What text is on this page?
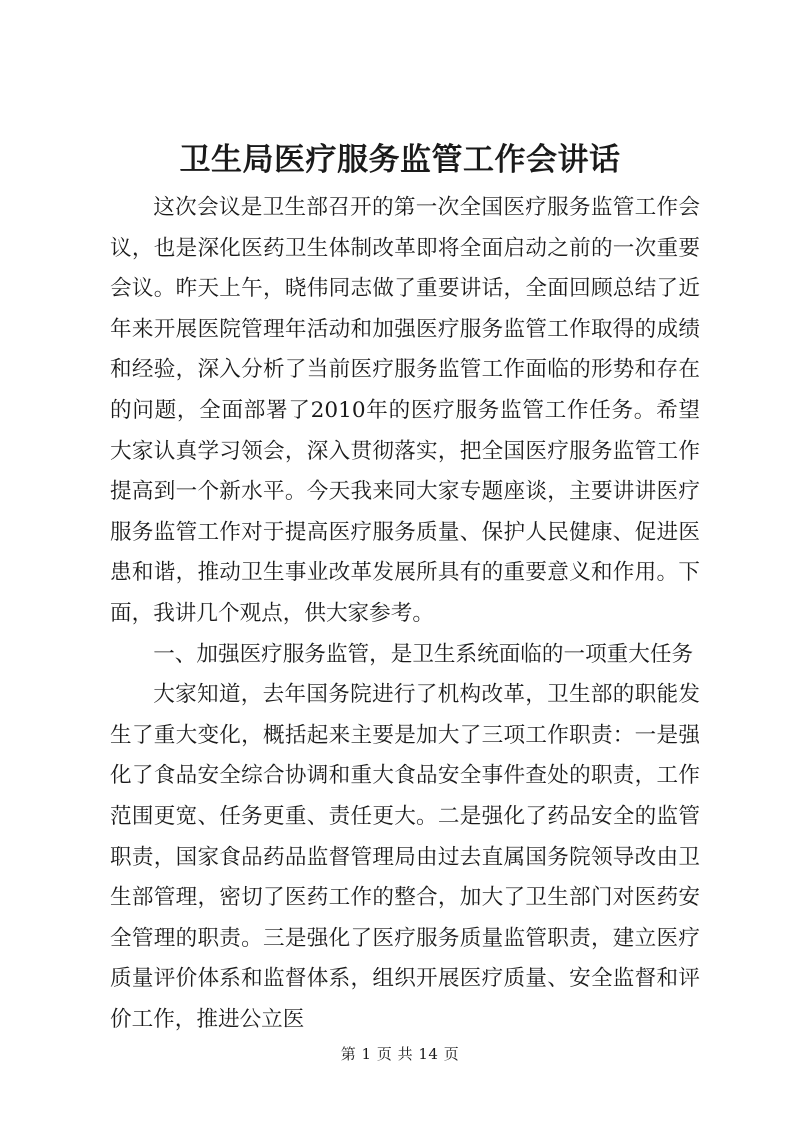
卫生局医疗服务监管工作会讲话

这次会议是卫生部召开的第一次全国医疗服务监管工作会议，也是深化医药卫生体制改革即将全面启动之前的一次重要会议。昨天上午，晓伟同志做了重要讲话，全面回顾总结了近年来开展医院管理年活动和加强医疗服务监管工作取得的成绩和经验，深入分析了当前医疗服务监管工作面临的形势和存在的问题，全面部署了2010年的医疗服务监管工作任务。希望大家认真学习领会，深入贯彻落实，把全国医疗服务监管工作提高到一个新水平。今天我来同大家专题座谈，主要讲讲医疗服务监管工作对于提高医疗服务质量、保护人民健康、促进医患和谐，推动卫生事业改革发展所具有的重要意义和作用。下面，我讲几个观点，供大家参考。

一、加强医疗服务监管，是卫生系统面临的一项重大任务

大家知道，去年国务院进行了机构改革，卫生部的职能发生了重大变化，概括起来主要是加大了三项工作职责：一是强化了食品安全综合协调和重大食品安全事件查处的职责，工作范围更宽、任务更重、责任更大。二是强化了药品安全的监管职责，国家食品药品监督管理局由过去直属国务院领导改由卫生部管理，密切了医药工作的整合，加大了卫生部门对医药安全管理的职责。三是强化了医疗服务质量监管职责，建立医疗质量评价体系和监督体系，组织开展医疗质量、安全监督和评价工作，推进公立医

第 1 页 共 14 页
